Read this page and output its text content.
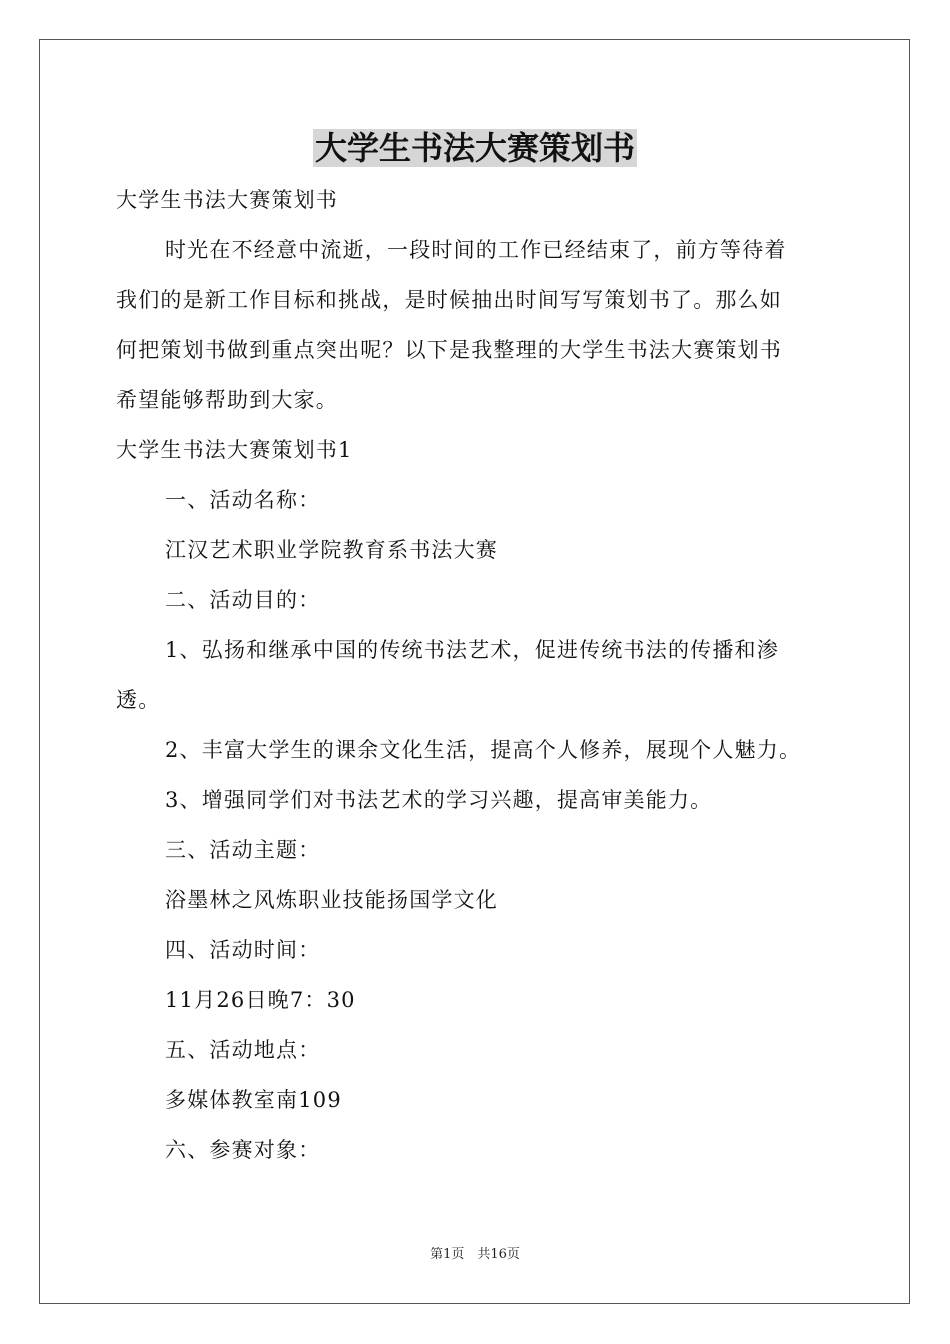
大学生书法大赛策划书
大学生书法大赛策划书
时光在不经意中流逝，一段时间的工作已经结束了，前方等待着
我们的是新工作目标和挑战，是时候抽出时间写写策划书了。那么如
何把策划书做到重点突出呢？以下是我整理的大学生书法大赛策划书
希望能够帮助到大家。
大学生书法大赛策划书1
一、活动名称：
江汉艺术职业学院教育系书法大赛
二、活动目的：
1、弘扬和继承中国的传统书法艺术，促进传统书法的传播和渗
透。
2、丰富大学生的课余文化生活，提高个人修养，展现个人魅力。
3、增强同学们对书法艺术的学习兴趣，提高审美能力。
三、活动主题：
浴墨林之风炼职业技能扬国学文化
四、活动时间：
11月26日晚7：30
五、活动地点：
多媒体教室南109
六、参赛对象：
第1页　共16页
